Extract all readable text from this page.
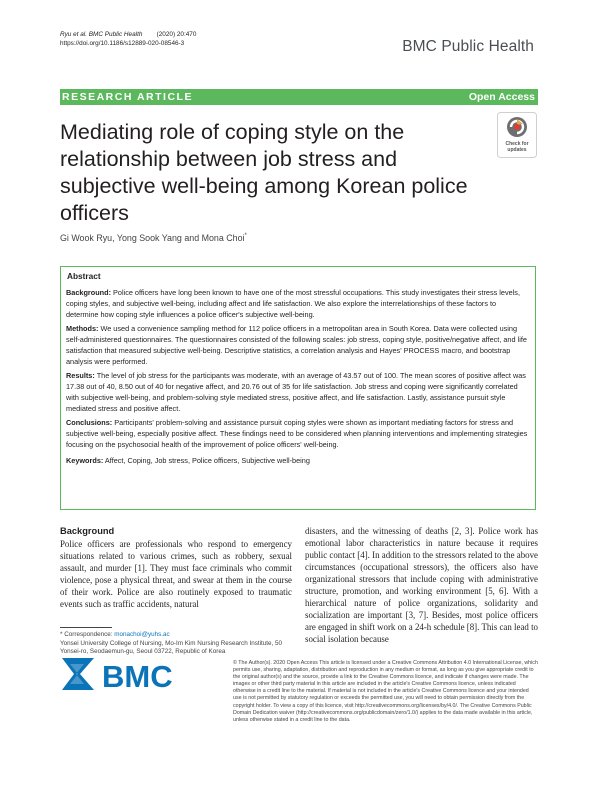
Ryu et al. BMC Public Health (2020) 20:470
https://doi.org/10.1186/s12889-020-08546-3	BMC Public Health
RESEARCH ARTICLE	Open Access
Mediating role of coping style on the relationship between job stress and subjective well-being among Korean police officers
Check for
updates
Gi Wook Ryu, Yong Sook Yang and Mona Choi*
Abstract

Background: Police officers have long been known to have one of the most stressful occupations. This study investigates their stress levels, coping styles, and subjective well-being, including affect and life satisfaction. We also explore the interrelationships of these factors to determine how coping style influences a police officer's subjective well-being.

Methods: We used a convenience sampling method for 112 police officers in a metropolitan area in South Korea. Data were collected using self-administered questionnaires. The questionnaires consisted of the following scales: job stress, coping style, positive/negative affect, and life satisfaction that measured subjective well-being. Descriptive statistics, a correlation analysis and Hayes' PROCESS macro, and bootstrap analysis were performed.

Results: The level of job stress for the participants was moderate, with an average of 43.57 out of 100. The mean scores of positive affect was 17.38 out of 40, 8.50 out of 40 for negative affect, and 20.76 out of 35 for life satisfaction. Job stress and coping were significantly correlated with subjective well-being, and problem-solving style mediated stress, positive affect, and life satisfaction. Lastly, assistance pursuit style mediated stress and positive affect.

Conclusions: Participants' problem-solving and assistance pursuit coping styles were shown as important mediating factors for stress and subjective well-being, especially positive affect. These findings need to be considered when planning interventions and implementing strategies focusing on the psychosocial health of the improvement of police officers' well-being.

Keywords: Affect, Coping, Job stress, Police officers, Subjective well-being

Background
Police officers are professionals who respond to emergency situations related to various crimes, such as robbery, sexual assault, and murder [1]. They must face criminals who commit violence, pose a physical threat, and swear at them in the course of their work. Police are also routinely exposed to traumatic events such as traffic accidents, natural
disasters, and the witnessing of deaths [2, 3]. Police work has emotional labor characteristics in nature because it requires public contact [4]. In addition to the stressors related to the above circumstances (occupational stressors), the officers also have organizational stressors that include coping with administrative structure, promotion, and working environment [5, 6]. With a hierarchical nature of police organizations, solidarity and socialization are important [3, 7]. Besides, most police officers are engaged in shift work on a 24-h schedule [8]. This can lead to social isolation because
* Correspondence: monachoi@yuhs.ac
Yonsei University College of Nursing, Mo-Im Kim Nursing Research Institute, 50 Yonsei-ro, Seodaemun-gu, Seoul 03722, Republic of Korea
BMC	© The Author(s). 2020 Open Access This article is licensed under a Creative Commons Attribution 4.0 International License, which permits use, sharing, adaptation, distribution and reproduction in any medium or format, as long as you give appropriate credit to the original author(s) and the source, provide a link to the Creative Commons licence, and indicate if changes were made. The images or other third party material in this article are included in the article's Creative Commons licence, unless indicated otherwise in a credit line to the material. If material is not included in the article's Creative Commons licence and your intended use is not permitted by statutory regulation or exceeds the permitted use, you will need to obtain permission directly from the copyright holder. To view a copy of this licence, visit http://creativecommons.org/licenses/by/4.0/. The Creative Commons Public Domain Dedication waiver (http://creativecommons.org/publicdomain/zero/1.0/) applies to the data made available in this article, unless otherwise stated in a credit line to the data.
